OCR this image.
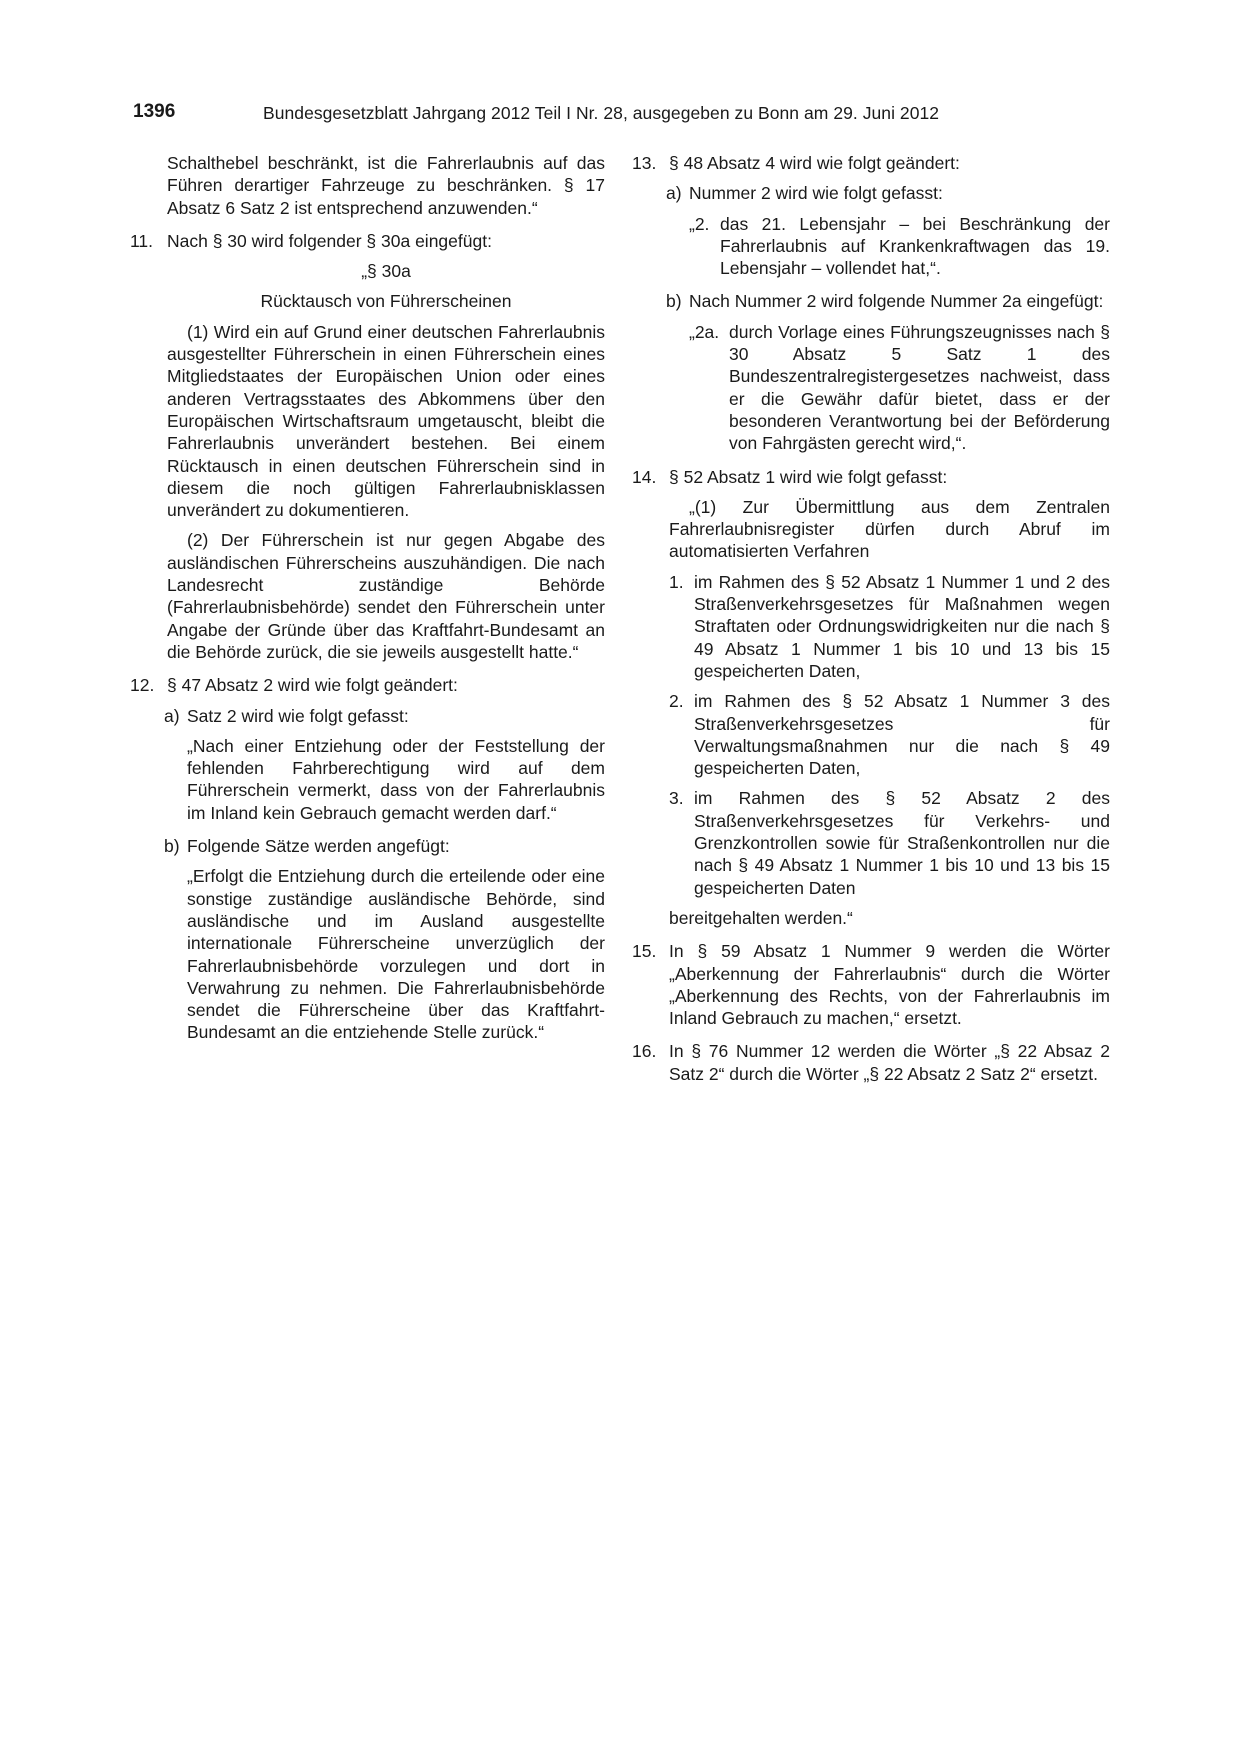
1396	Bundesgesetzblatt Jahrgang 2012 Teil I Nr. 28, ausgegeben zu Bonn am 29. Juni 2012

Schalthebel beschränkt, ist die Fahrerlaubnis auf das Führen derartiger Fahrzeuge zu beschränken. § 17 Absatz 6 Satz 2 ist entsprechend anzuwenden.“

11. Nach § 30 wird folgender § 30a eingefügt:

„§ 30a

Rücktausch von Führerscheinen

(1) Wird ein auf Grund einer deutschen Fahrerlaubnis ausgestellter Führerschein in einen Führerschein eines Mitgliedstaates der Europäischen Union oder eines anderen Vertragsstaates des Abkommens über den Europäischen Wirtschaftsraum umgetauscht, bleibt die Fahrerlaubnis unverändert bestehen. Bei einem Rücktausch in einen deutschen Führerschein sind in diesem die noch gültigen Fahrerlaubnisklassen unverändert zu dokumentieren.

(2) Der Führerschein ist nur gegen Abgabe des ausländischen Führerscheins auszuhändigen. Die nach Landesrecht zuständige Behörde (Fahrerlaubnisbehörde) sendet den Führerschein unter Angabe der Gründe über das Kraftfahrt-Bundesamt an die Behörde zurück, die sie jeweils ausgestellt hatte.“

12. § 47 Absatz 2 wird wie folgt geändert:

a) Satz 2 wird wie folgt gefasst:

„Nach einer Entziehung oder der Feststellung der fehlenden Fahrberechtigung wird auf dem Führerschein vermerkt, dass von der Fahrerlaubnis im Inland kein Gebrauch gemacht werden darf.“

b) Folgende Sätze werden angefügt:

„Erfolgt die Entziehung durch die erteilende oder eine sonstige zuständige ausländische Behörde, sind ausländische und im Ausland ausgestellte internationale Führerscheine unverzüglich der Fahrerlaubnisbehörde vorzulegen und dort in Verwahrung zu nehmen. Die Fahrerlaubnisbehörde sendet die Führerscheine über das Kraftfahrt-Bundesamt an die entziehende Stelle zurück.“

13. § 48 Absatz 4 wird wie folgt geändert:

a) Nummer 2 wird wie folgt gefasst:

„2. das 21. Lebensjahr – bei Beschränkung der Fahrerlaubnis auf Krankenkraftwagen das 19. Lebensjahr – vollendet hat,“.

b) Nach Nummer 2 wird folgende Nummer 2a eingefügt:

„2a. durch Vorlage eines Führungszeugnisses nach § 30 Absatz 5 Satz 1 des Bundeszentralregistergesetzes nachweist, dass er die Gewähr dafür bietet, dass er der besonderen Verantwortung bei der Beförderung von Fahrgästen gerecht wird,“.

14. § 52 Absatz 1 wird wie folgt gefasst:

„(1) Zur Übermittlung aus dem Zentralen Fahrerlaubnisregister dürfen durch Abruf im automatisierten Verfahren

1. im Rahmen des § 52 Absatz 1 Nummer 1 und 2 des Straßenverkehrsgesetzes für Maßnahmen wegen Straftaten oder Ordnungswidrigkeiten nur die nach § 49 Absatz 1 Nummer 1 bis 10 und 13 bis 15 gespeicherten Daten,

2. im Rahmen des § 52 Absatz 1 Nummer 3 des Straßenverkehrsgesetzes für Verwaltungsmaßnahmen nur die nach § 49 gespeicherten Daten,

3. im Rahmen des § 52 Absatz 2 des Straßenverkehrsgesetzes für Verkehrs- und Grenzkontrollen sowie für Straßenkontrollen nur die nach § 49 Absatz 1 Nummer 1 bis 10 und 13 bis 15 gespeicherten Daten

bereitgehalten werden.“

15. In § 59 Absatz 1 Nummer 9 werden die Wörter „Aberkennung der Fahrerlaubnis“ durch die Wörter „Aberkennung des Rechts, von der Fahrerlaubnis im Inland Gebrauch zu machen,“ ersetzt.

16. In § 76 Nummer 12 werden die Wörter „§ 22 Absaz 2 Satz 2“ durch die Wörter „§ 22 Absatz 2 Satz 2“ ersetzt.
